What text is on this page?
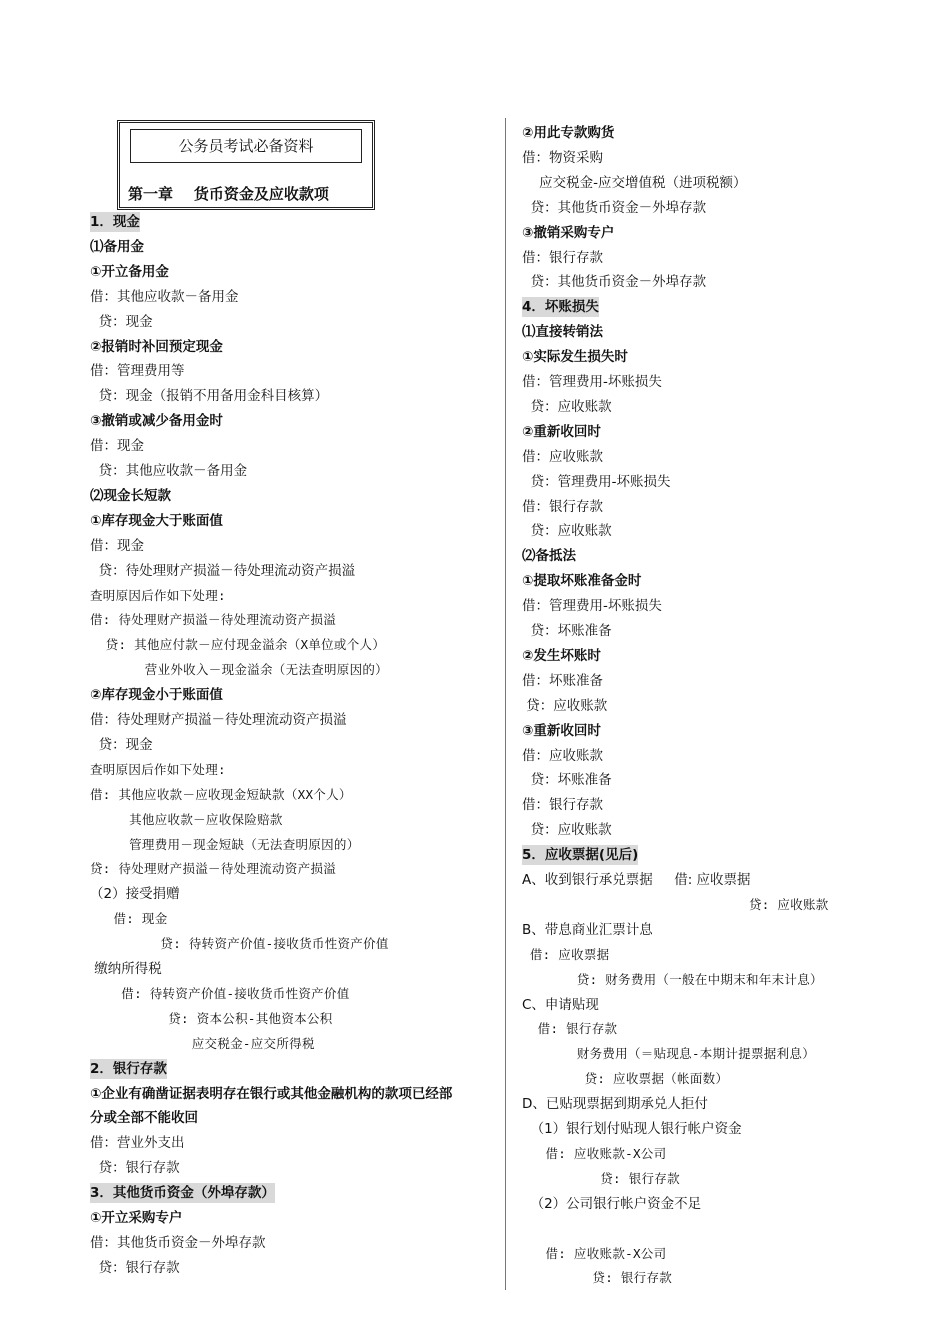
公务员考试必备资料
第一章    货币资金及应收款项
1．现金
⑴备用金
①开立备用金
借：其他应收款－备用金
贷：现金
②报销时补回预定现金
借：管理费用等
贷：现金（报销不用备用金科目核算）
③撤销或减少备用金时
借：现金
贷：其他应收款－备用金
⑵现金长短款
①库存现金大于账面值
借：现金
贷：待处理财产损溢－待处理流动资产损溢
查明原因后作如下处理:
借: 待处理财产损溢－待处理流动资产损溢
贷: 其他应付款－应付现金溢余（X单位或个人）
营业外收入－现金溢余（无法查明原因的）
②库存现金小于账面值
借：待处理财产损溢－待处理流动资产损溢
贷：现金
查明原因后作如下处理:
借: 其他应收款－应收现金短缺款（XX个人）
其他应收款－应收保险赔款
管理费用－现金短缺（无法查明原因的）
贷: 待处理财产损溢－待处理流动资产损溢
（2）接受捐赠
借: 现金
贷: 待转资产价值-接收货币性资产价值
缴纳所得税
借: 待转资产价值-接收货币性资产价值
贷: 资本公积-其他资本公积
应交税金-应交所得税
2．银行存款
①企业有确凿证据表明存在银行或其他金融机构的款项已经部
分或全部不能收回
借：营业外支出
贷：银行存款
3．其他货币资金（外埠存款）
①开立采购专户
借：其他货币资金－外埠存款
贷：银行存款
②用此专款购货
借：物资采购
应交税金-应交增值税（进项税额）
贷：其他货币资金－外埠存款
③撤销采购专户
借：银行存款
贷：其他货币资金－外埠存款
4．坏账损失
⑴直接转销法
①实际发生损失时
借：管理费用-坏账损失
贷：应收账款
②重新收回时
借：应收账款
贷：管理费用-坏账损失
借：银行存款
贷：应收账款
⑵备抵法
①提取坏账准备金时
借：管理费用-坏账损失
贷：坏账准备
②发生坏账时
借：坏账准备
贷：应收账款
③重新收回时
借：应收账款
贷：坏账准备
借：银行存款
贷：应收账款
5．应收票据(见后)
A、收到银行承兑票据     借: 应收票据
贷: 应收账款
B、带息商业汇票计息
借: 应收票据
贷: 财务费用（一般在中期末和年末计息）
C、申请贴现
借: 银行存款
财务费用（＝贴现息-本期计提票据利息）
贷: 应收票据（帐面数）
D、已贴现票据到期承兑人拒付
（1）银行划付贴现人银行帐户资金
借: 应收账款-X公司
贷: 银行存款
（2）公司银行帐户资金不足
借: 应收账款-X公司
贷: 银行存款
